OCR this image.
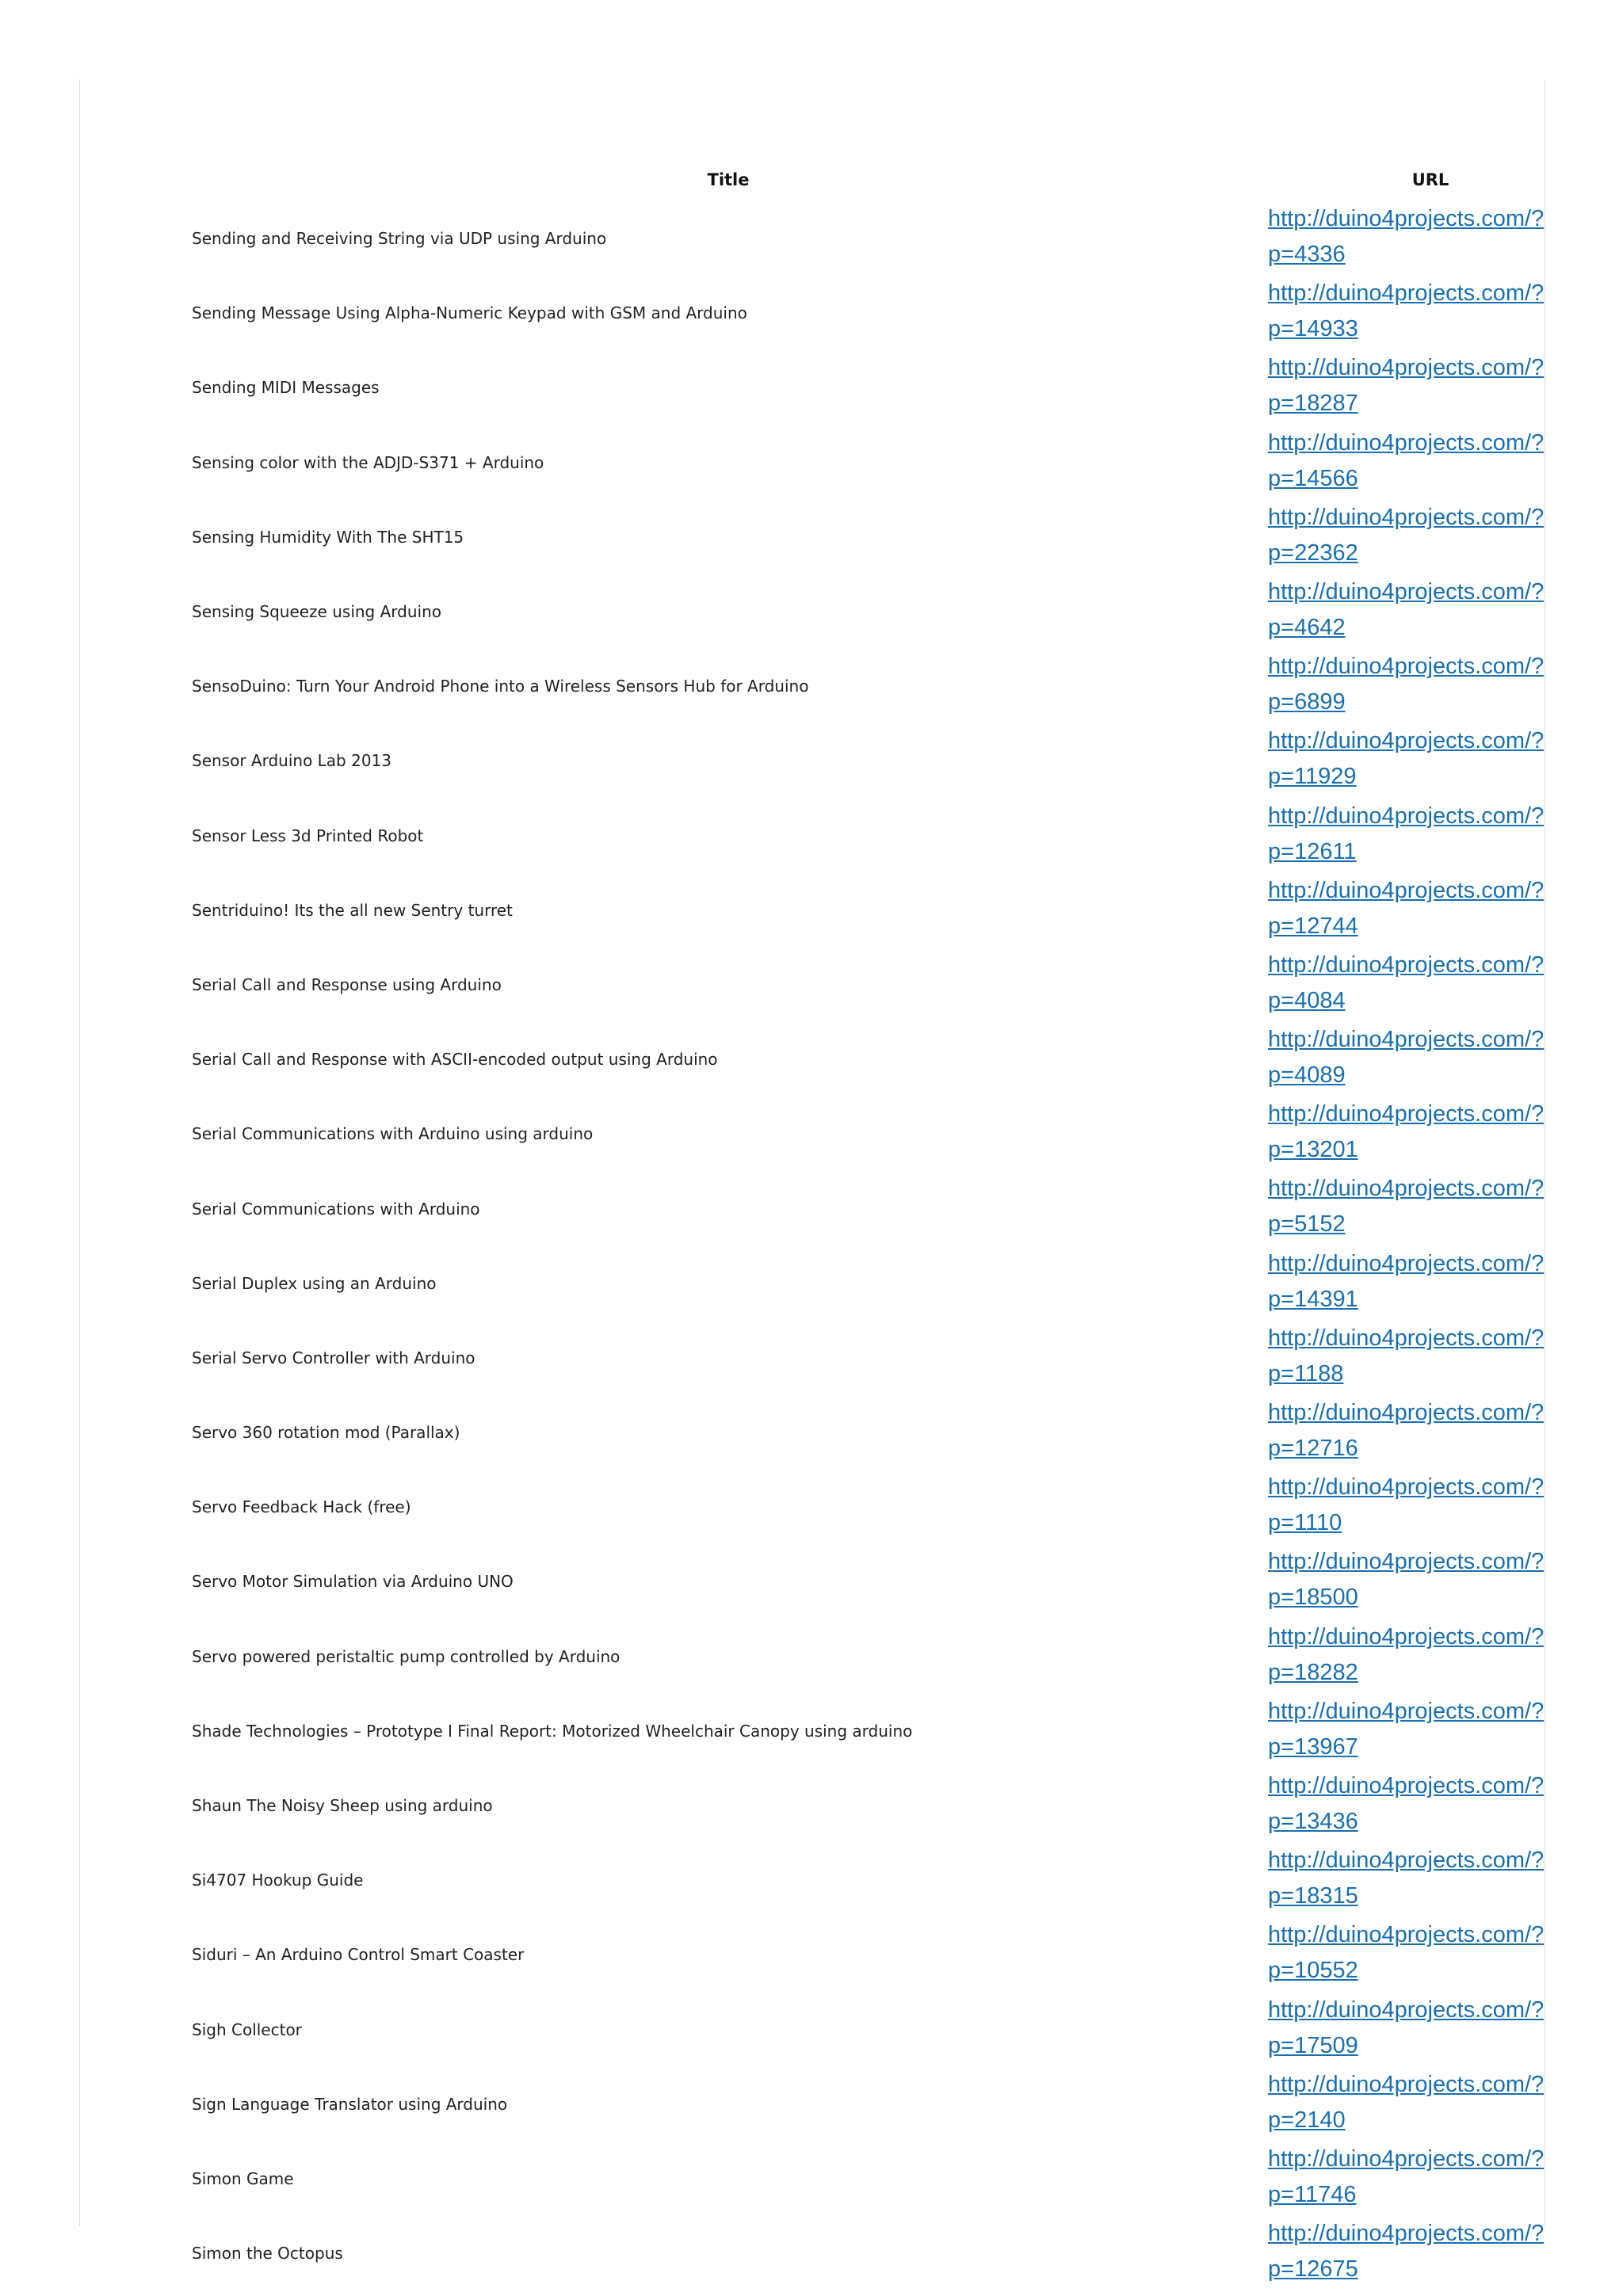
Title	URL
Sending and Receiving String via UDP using Arduino
http://duino4projects.com/?
p=4336
Sending Message Using Alpha-Numeric Keypad with GSM and Arduino
http://duino4projects.com/?
p=14933
Sending MIDI Messages
http://duino4projects.com/?
p=18287
Sensing color with the ADJD-S371 + Arduino
http://duino4projects.com/?
p=14566
Sensing Humidity With The SHT15
http://duino4projects.com/?
p=22362
Sensing Squeeze using Arduino
http://duino4projects.com/?
p=4642
SensoDuino: Turn Your Android Phone into a Wireless Sensors Hub for Arduino
http://duino4projects.com/?
p=6899
Sensor Arduino Lab 2013
http://duino4projects.com/?
p=11929
Sensor Less 3d Printed Robot
http://duino4projects.com/?
p=12611
Sentriduino! Its the all new Sentry turret
http://duino4projects.com/?
p=12744
Serial Call and Response using Arduino
http://duino4projects.com/?
p=4084
Serial Call and Response with ASCII-encoded output using Arduino
http://duino4projects.com/?
p=4089
Serial Communications with Arduino using arduino
http://duino4projects.com/?
p=13201
Serial Communications with Arduino
http://duino4projects.com/?
p=5152
Serial Duplex using an Arduino
http://duino4projects.com/?
p=14391
Serial Servo Controller with Arduino
http://duino4projects.com/?
p=1188
Servo 360 rotation mod (Parallax)
http://duino4projects.com/?
p=12716
Servo Feedback Hack (free)
http://duino4projects.com/?
p=1110
Servo Motor Simulation via Arduino UNO
http://duino4projects.com/?
p=18500
Servo powered peristaltic pump controlled by Arduino
http://duino4projects.com/?
p=18282
Shade Technologies – Prototype I Final Report: Motorized Wheelchair Canopy using arduino
http://duino4projects.com/?
p=13967
Shaun The Noisy Sheep using arduino
http://duino4projects.com/?
p=13436
Si4707 Hookup Guide
http://duino4projects.com/?
p=18315
Siduri – An Arduino Control Smart Coaster
http://duino4projects.com/?
p=10552
Sigh Collector
http://duino4projects.com/?
p=17509
Sign Language Translator using Arduino
http://duino4projects.com/?
p=2140
Simon Game
http://duino4projects.com/?
p=11746
Simon the Octopus
http://duino4projects.com/?
p=12675
